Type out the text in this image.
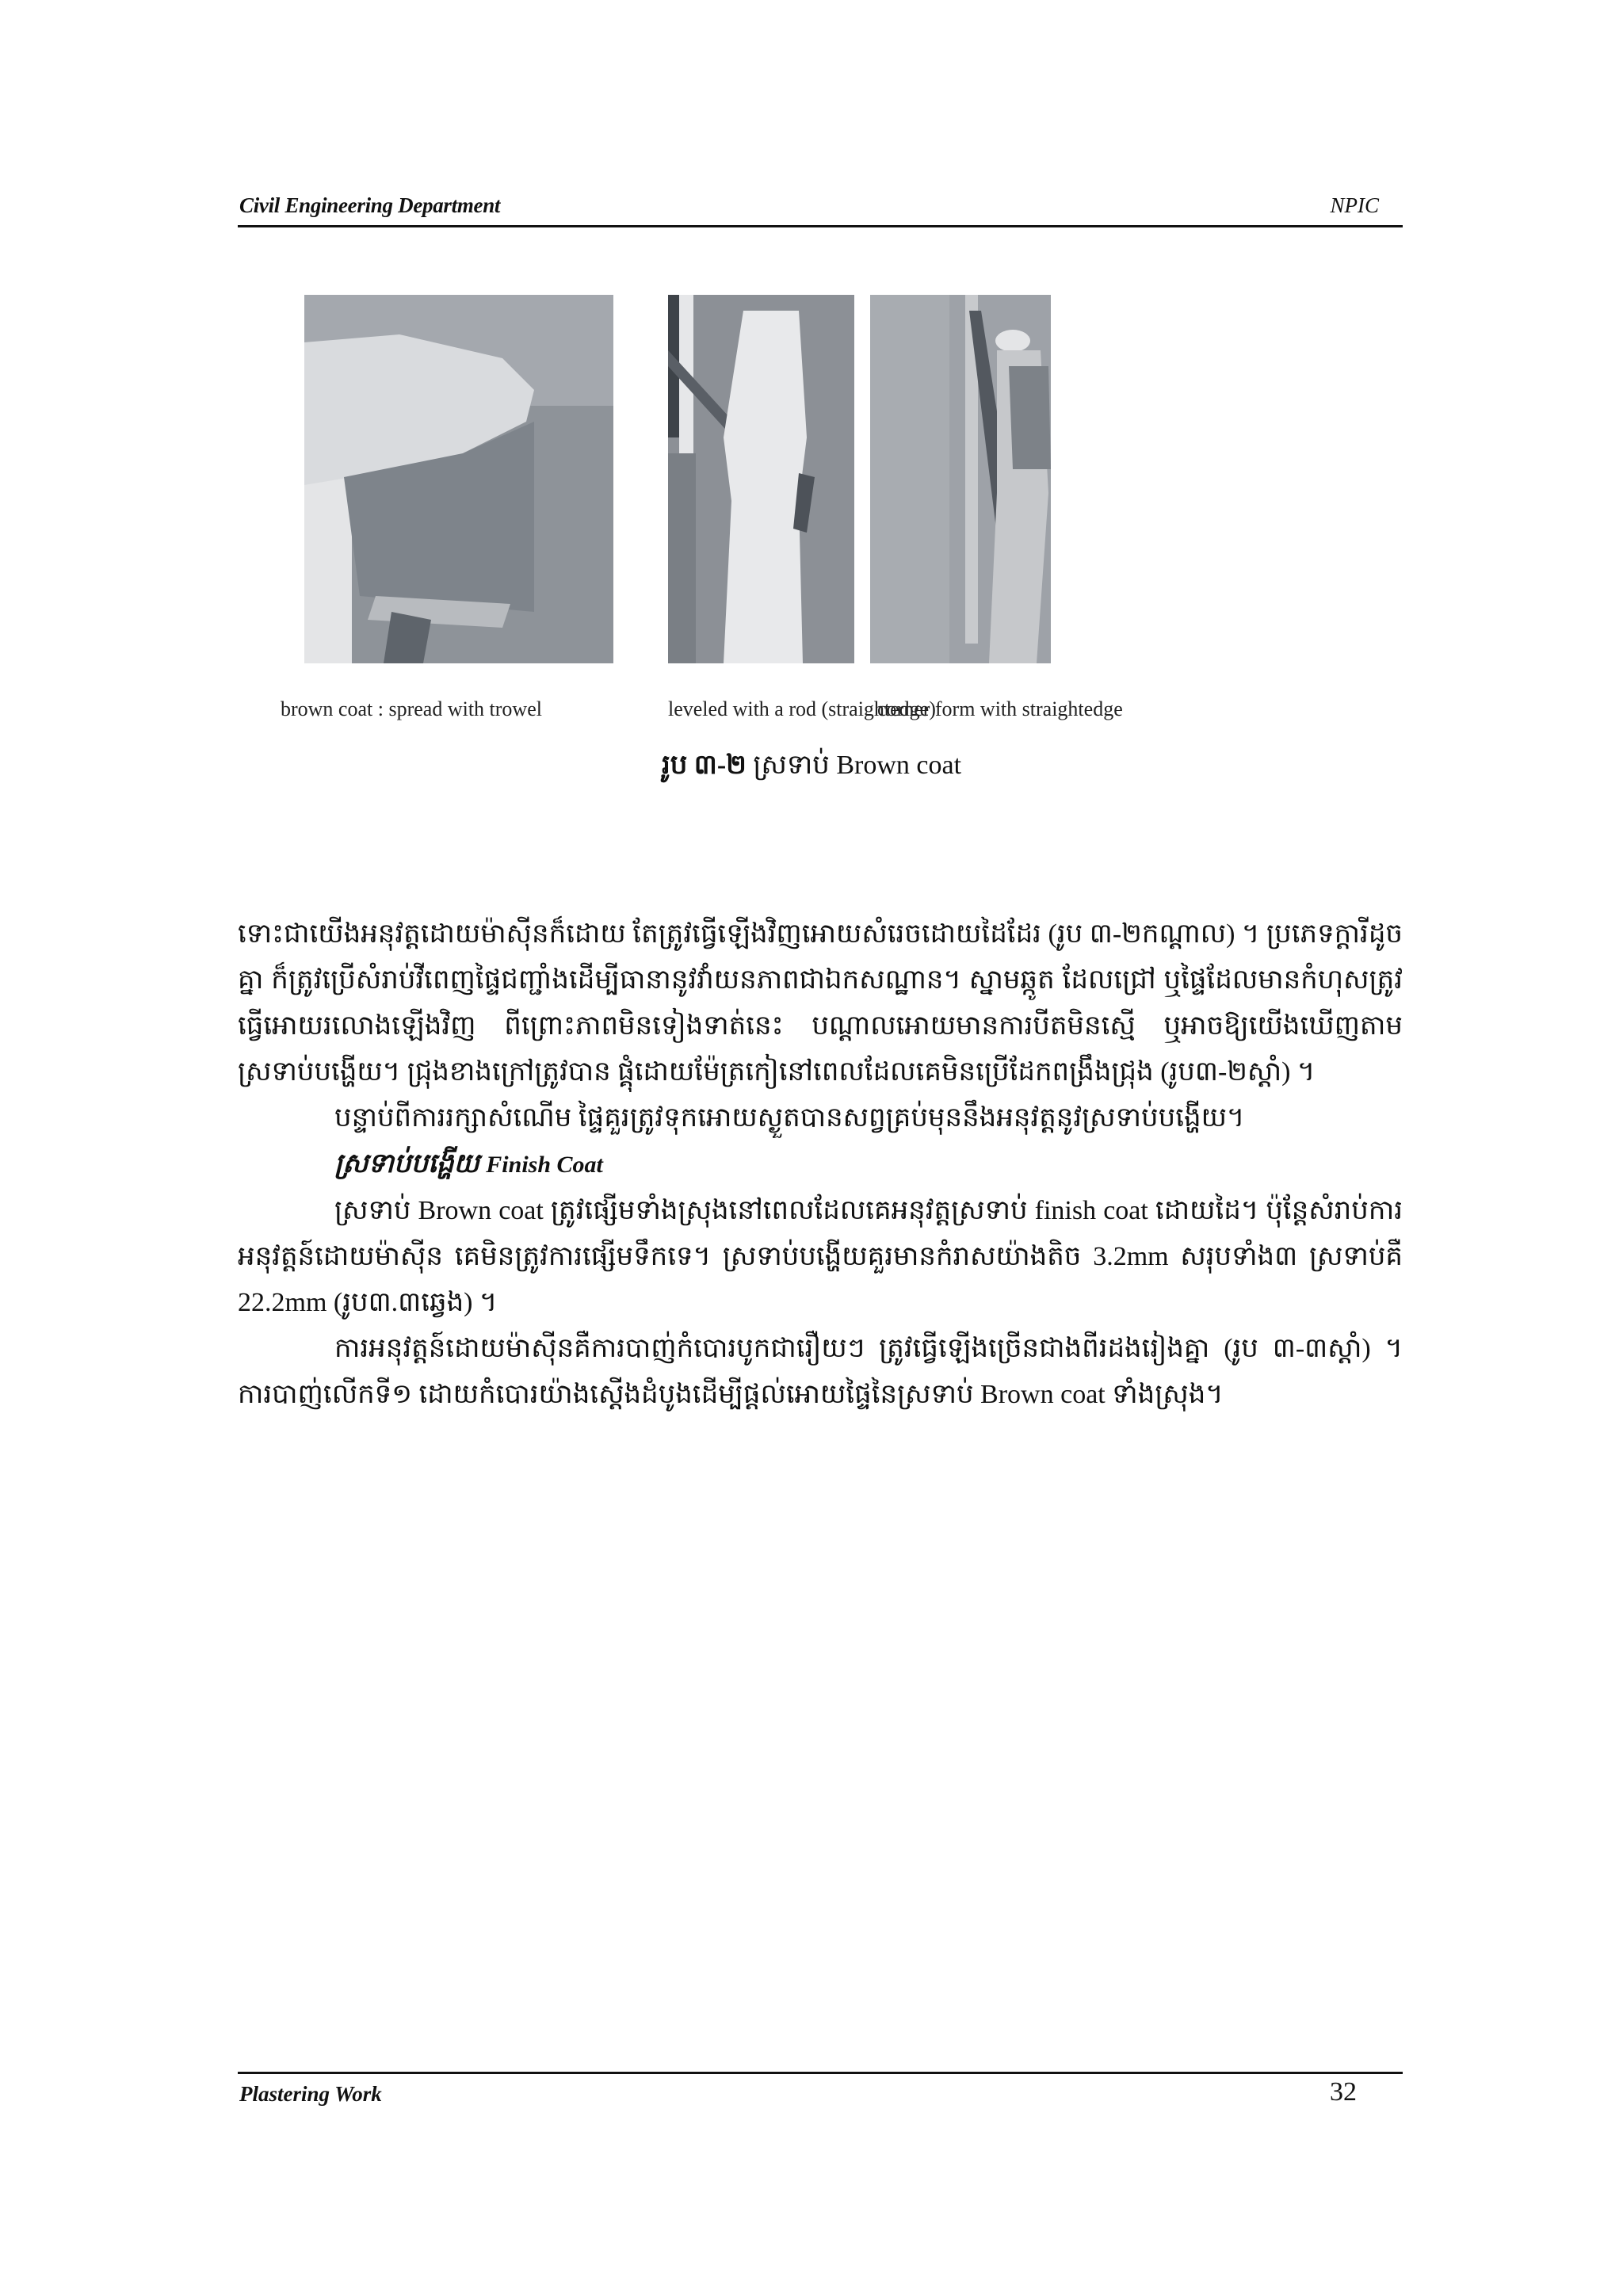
Civil Engineering Department	NPIC
brown coat : spread with trowel	leveled with a rod (straightedge)
corner form with straightedge
រូប ៣-២ ស្រទាប់ Brown coat

ទោះជាយើងអនុវត្តដោយម៉ាស៊ីនក៏ដោយ តែត្រូវធ្វើឡើងវិញអោយសំរេចដោយដៃដែរ (រូប ៣-២កណ្តាល) ។ ប្រភេទក្តារីដូចគ្នា ក៏ត្រូវប្រើសំរាប់វីពេញផ្ទៃជញ្ជាំងដើម្បីធានានូវវាំយនភាពជាឯកសណ្ឋាន។ ស្នាមឆ្កូត ដែលជ្រៅ ឬផ្ទៃដែលមានកំហុសត្រូវធ្វើអោយរលោងឡើងវិញ ពីព្រោះភាពមិនទៀងទាត់នេះ បណ្តាលអោយមានការបីតមិនស្មើ ឬអាចឱ្យយើងឃើញតាមស្រទាប់បង្ហើយ។ ជ្រុងខាងក្រៅត្រូវបាន ផ្គុំដោយម៉ែត្រកៀនៅពេលដែលគេមិនប្រើដែកពង្រឹងជ្រុង (រូប៣-២ស្តាំ) ។

បន្ទាប់ពីការរក្សាសំណើម ផ្ទៃគួរត្រូវទុកអោយស្ងួតបានសព្វគ្រប់មុននឹងអនុវត្តនូវស្រទាប់បង្ហើយ។

ស្រទាប់បង្ហើយ Finish Coat

ស្រទាប់ Brown coat ត្រូវផ្សើមទាំងស្រុងនៅពេលដែលគេអនុវត្តស្រទាប់ finish coat ដោយដៃ។ ប៉ុន្តែសំរាប់ការអនុវត្តន៍ដោយម៉ាស៊ីន គេមិនត្រូវការផ្សើមទឹកទេ។ ស្រទាប់បង្ហើយគួរមានកំរាសយ៉ាងតិច 3.2mm សរុបទាំង៣ ស្រទាប់គឺ 22.2mm (រូប៣.៣ឆ្វេង) ។

ការអនុវត្តន៍ដោយម៉ាស៊ីនគឺការបាញ់កំបោរបូកជារឿយៗ ត្រូវធ្វើឡើងច្រើនជាងពីរដងរៀងគ្នា (រូប ៣-៣ស្តាំ) ។ ការបាញ់លើកទី១ ដោយកំបោរយ៉ាងស្តើងដំបូងដើម្បីផ្តល់អោយផ្ទៃនៃស្រទាប់ Brown coat ទាំងស្រុង។

Plastering Work	32
